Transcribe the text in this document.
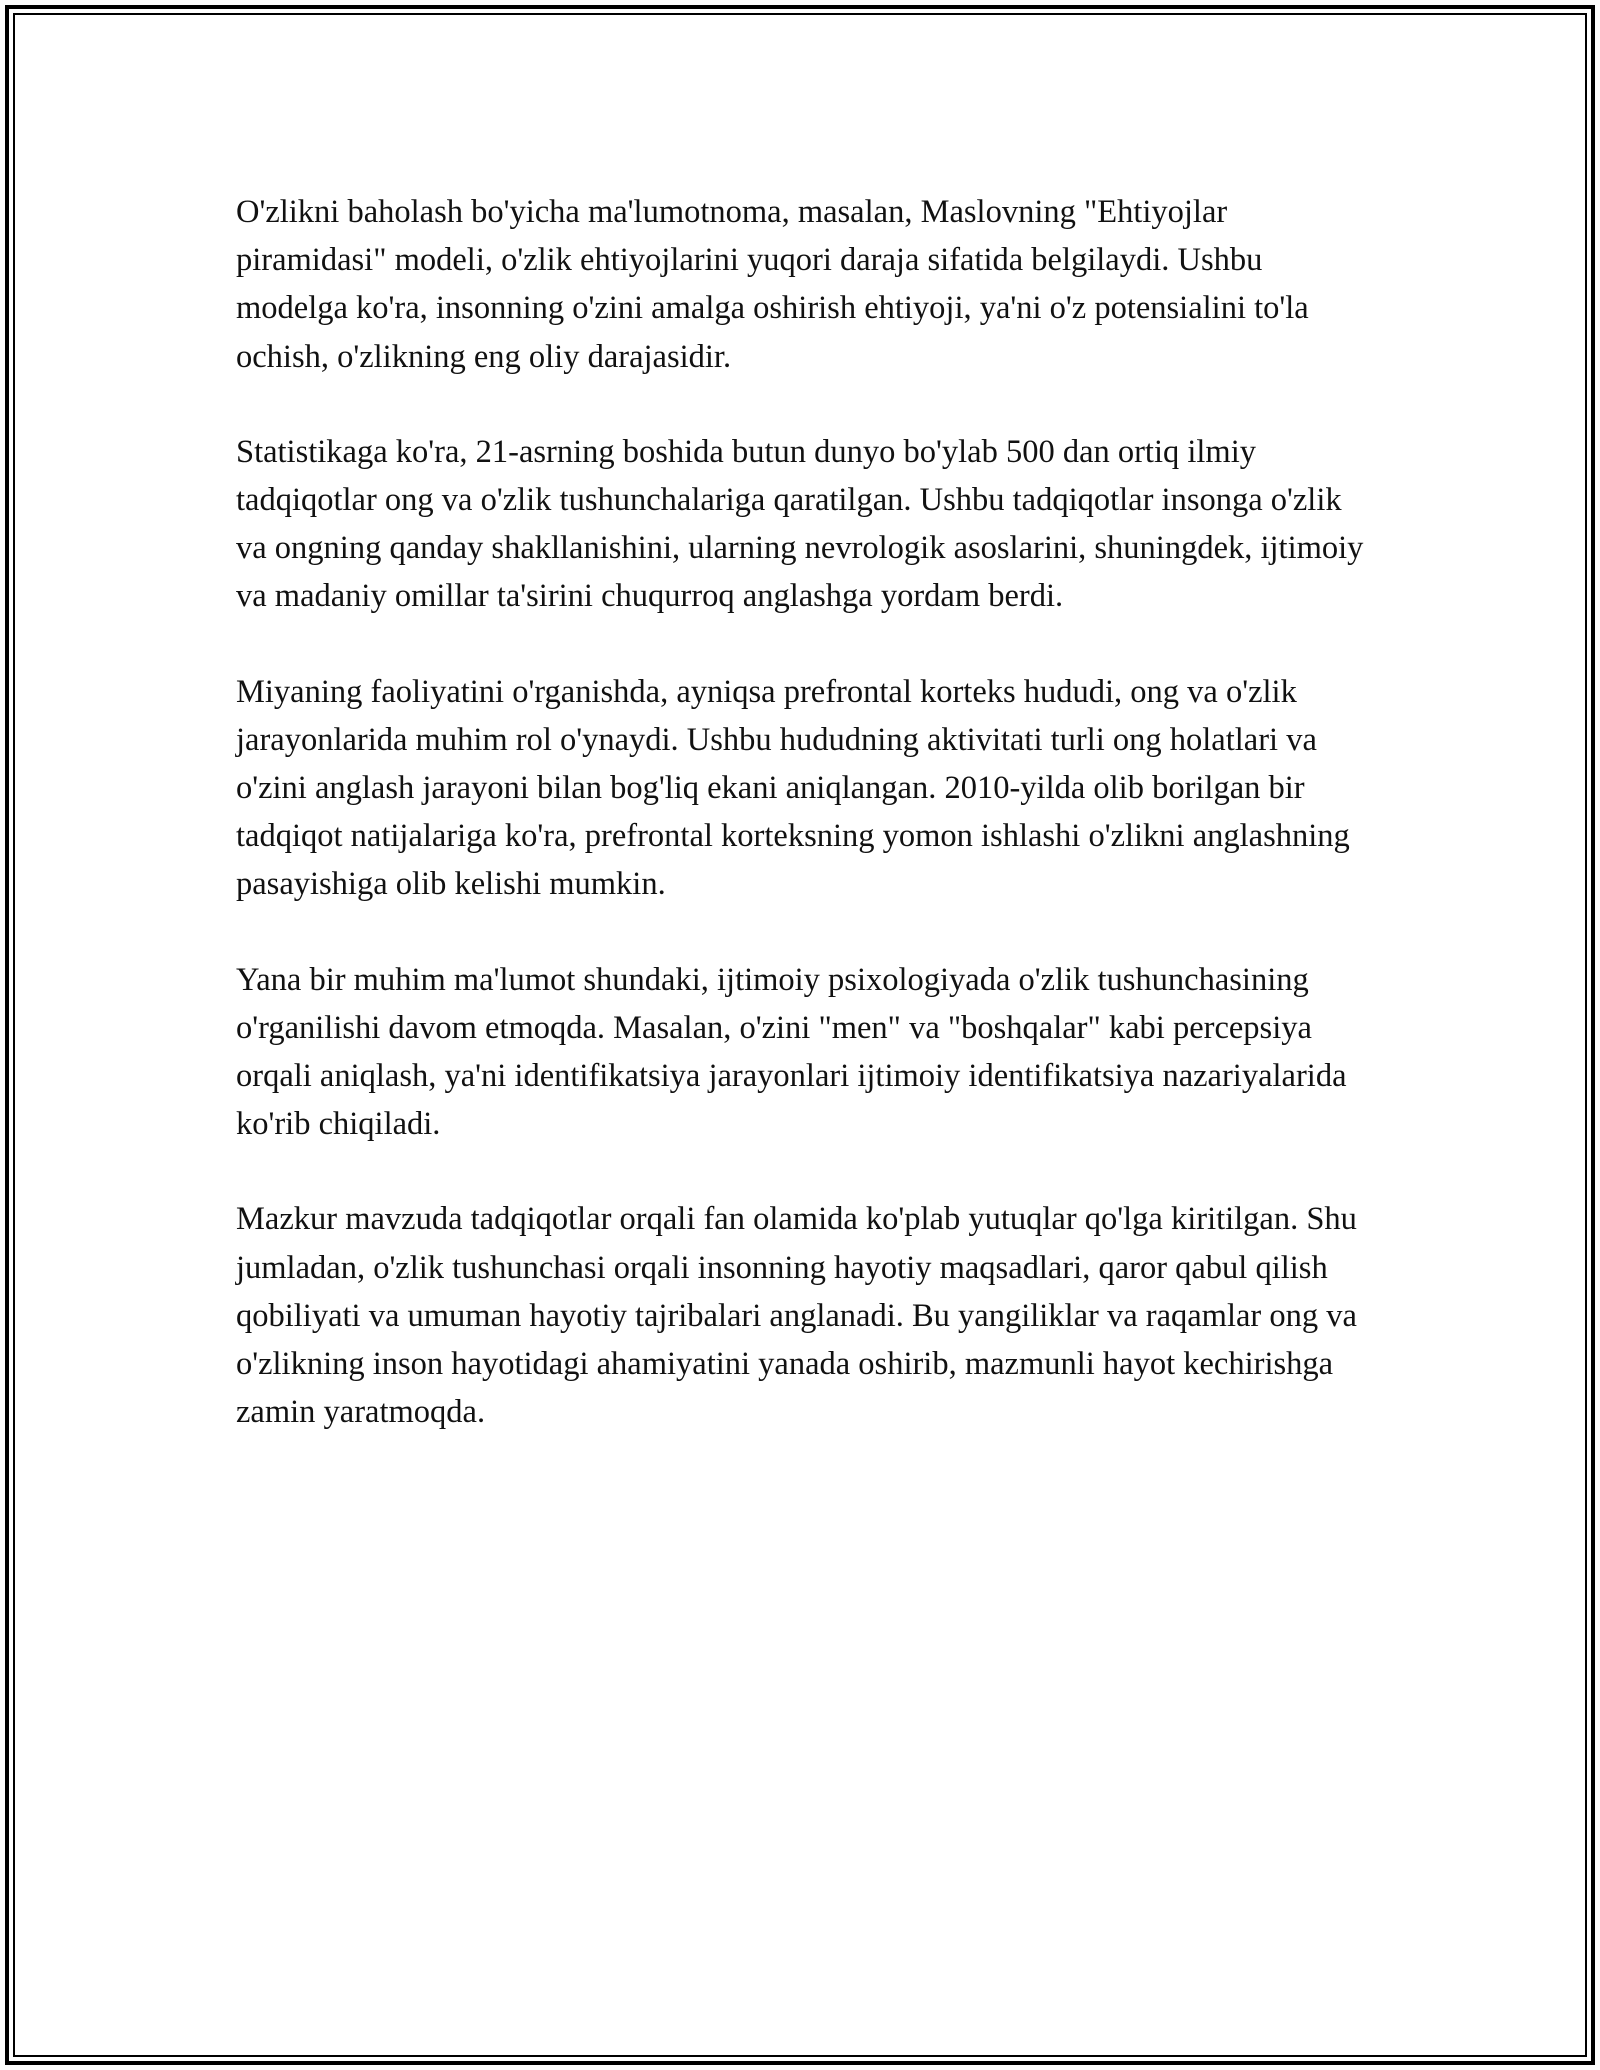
O'zlikni baholash bo'yicha ma'lumotnoma, masalan, Maslovning "Ehtiyojlar piramidasi" modeli, o'zlik ehtiyojlarini yuqori daraja sifatida belgilaydi. Ushbu modelga ko'ra, insonning o'zini amalga oshirish ehtiyoji, ya'ni o'z potensialini to'la ochish, o'zlikning eng oliy darajasidir.

Statistikaga ko'ra, 21-asrning boshida butun dunyo bo'ylab 500 dan ortiq ilmiy tadqiqotlar ong va o'zlik tushunchalariga qaratilgan. Ushbu tadqiqotlar insonga o'zlik va ongning qanday shakllanishini, ularning nevrologik asoslarini, shuningdek, ijtimoiy va madaniy omillar ta'sirini chuqurroq anglashga yordam berdi.

Miyaning faoliyatini o'rganishda, ayniqsa prefrontal korteks hududi, ong va o'zlik jarayonlarida muhim rol o'ynaydi. Ushbu hududning aktivitati turli ong holatlari va o'zini anglash jarayoni bilan bog'liq ekani aniqlangan. 2010-yilda olib borilgan bir tadqiqot natijalariga ko'ra, prefrontal korteksning yomon ishlashi o'zlikni anglashning pasayishiga olib kelishi mumkin.

Yana bir muhim ma'lumot shundaki, ijtimoiy psixologiyada o'zlik tushunchasining o'rganilishi davom etmoqda. Masalan, o'zini "men" va "boshqalar" kabi percepsiya orqali aniqlash, ya'ni identifikatsiya jarayonlari ijtimoiy identifikatsiya nazariyalarida ko'rib chiqiladi.

Mazkur mavzuda tadqiqotlar orqali fan olamida ko'plab yutuqlar qo'lga kiritilgan. Shu jumladan, o'zlik tushunchasi orqali insonning hayotiy maqsadlari, qaror qabul qilish qobiliyati va umuman hayotiy tajribalari anglanadi. Bu yangiliklar va raqamlar ong va o'zlikning inson hayotidagi ahamiyatini yanada oshirib, mazmunli hayot kechirishga zamin yaratmoqda.
